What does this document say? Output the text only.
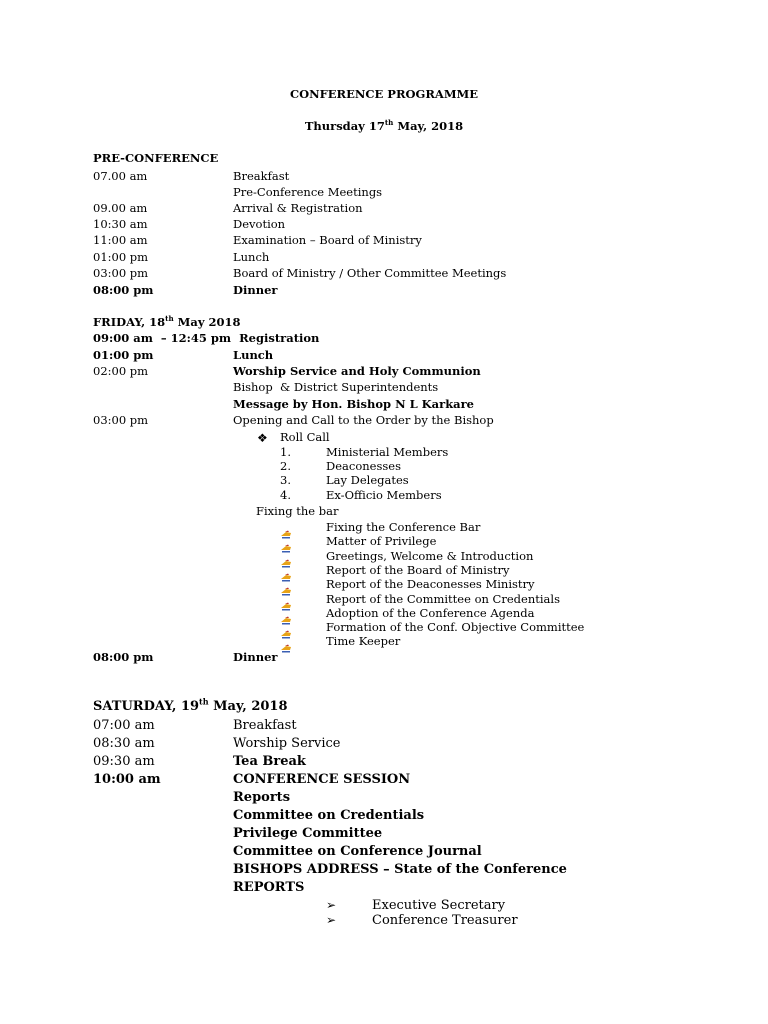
CONFERENCE PROGRAMME
Thursday 17th May, 2018
PRE-CONFERENCE
07.00 am	Breakfast
Pre-Conference Meetings
09.00 am	Arrival & Registration
10:30 am	Devotion
11:00 am	Examination – Board of Ministry
01:00 pm	Lunch
03:00 pm	Board of Ministry / Other Committee Meetings
08:00 pm	Dinner
FRIDAY, 18th May 2018
09:00 am  – 12:45 pm  Registration
01:00 pm	Lunch
02:00 pm	Worship Service and Holy Communion
Bishop  & District Superintendents
Message by Hon. Bishop N L Karkare
03:00 pm	Opening and Call to the Order by the Bishop
❖ Roll Call
1.	Ministerial Members
2.	Deaconesses
3.	Lay Delegates
4.	Ex-Officio Members
Fixing the bar
Fixing the Conference Bar
Matter of Privilege
Greetings, Welcome & Introduction
Report of the Board of Ministry
Report of the Deaconesses Ministry
Report of the Committee on Credentials
Adoption of the Conference Agenda
Formation of the Conf. Objective Committee
Time Keeper
08:00 pm	Dinner
SATURDAY, 19th May, 2018
07:00 am	Breakfast
08:30 am	Worship Service
09:30 am	Tea Break
10:00 am	CONFERENCE SESSION
Reports
Committee on Credentials
Privilege Committee
Committee on Conference Journal
BISHOPS ADDRESS – State of the Conference
REPORTS
➢	Executive Secretary
➢	Conference Treasurer
